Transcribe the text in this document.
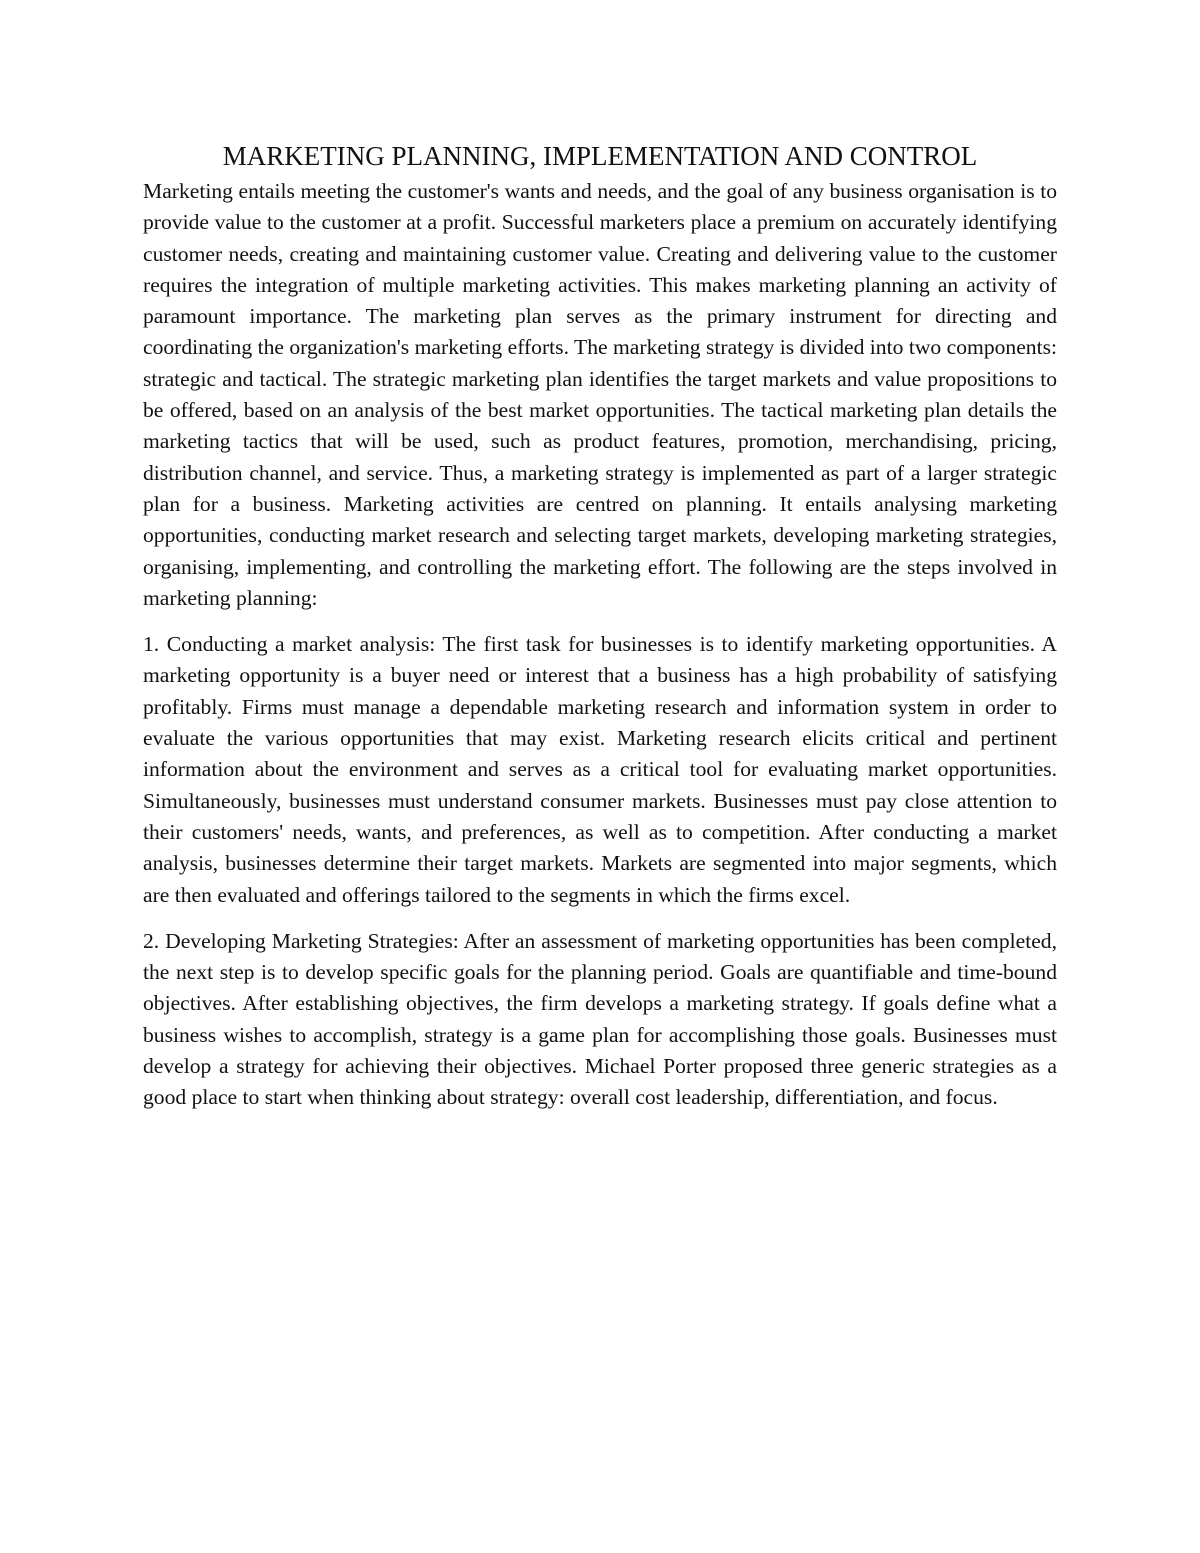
MARKETING PLANNING, IMPLEMENTATION AND CONTROL

Marketing entails meeting the customer's wants and needs, and the goal of any business organisation is to provide value to the customer at a profit. Successful marketers place a premium on accurately identifying customer needs, creating and maintaining customer value. Creating and delivering value to the customer requires the integration of multiple marketing activities. This makes marketing planning an activity of paramount importance. The marketing plan serves as the primary instrument for directing and coordinating the organization's marketing efforts. The marketing strategy is divided into two components: strategic and tactical. The strategic marketing plan identifies the target markets and value propositions to be offered, based on an analysis of the best market opportunities. The tactical marketing plan details the marketing tactics that will be used, such as product features, promotion, merchandising, pricing, distribution channel, and service. Thus, a marketing strategy is implemented as part of a larger strategic plan for a business. Marketing activities are centred on planning. It entails analysing marketing opportunities, conducting market research and selecting target markets, developing marketing strategies, organising, implementing, and controlling the marketing effort. The following are the steps involved in marketing planning:

1. Conducting a market analysis: The first task for businesses is to identify marketing opportunities. A marketing opportunity is a buyer need or interest that a business has a high probability of satisfying profitably. Firms must manage a dependable marketing research and information system in order to evaluate the various opportunities that may exist. Marketing research elicits critical and pertinent information about the environment and serves as a critical tool for evaluating market opportunities. Simultaneously, businesses must understand consumer markets. Businesses must pay close attention to their customers' needs, wants, and preferences, as well as to competition. After conducting a market analysis, businesses determine their target markets. Markets are segmented into major segments, which are then evaluated and offerings tailored to the segments in which the firms excel.

2. Developing Marketing Strategies: After an assessment of marketing opportunities has been completed, the next step is to develop specific goals for the planning period. Goals are quantifiable and time-bound objectives. After establishing objectives, the firm develops a marketing strategy. If goals define what a business wishes to accomplish, strategy is a game plan for accomplishing those goals. Businesses must develop a strategy for achieving their objectives. Michael Porter proposed three generic strategies as a good place to start when thinking about strategy: overall cost leadership, differentiation, and focus.
